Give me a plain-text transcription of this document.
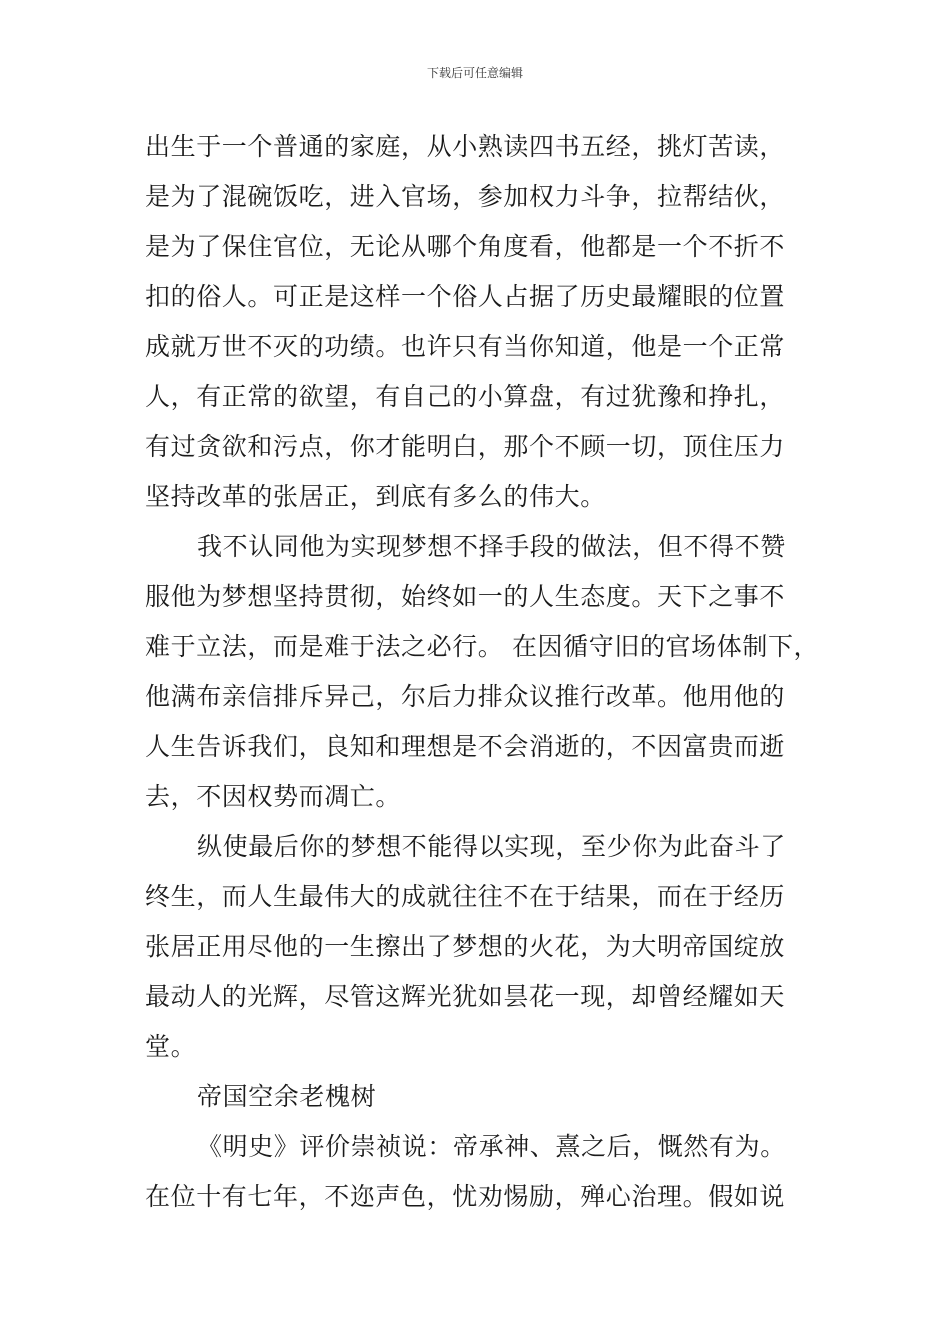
下载后可任意编辑
出生于一个普通的家庭，从小熟读四书五经，挑灯苦读，
是为了混碗饭吃，进入官场，参加权力斗争，拉帮结伙，
是为了保住官位，无论从哪个角度看，他都是一个不折不
扣的俗人。可正是这样一个俗人占据了历史最耀眼的位置
成就万世不灭的功绩。也许只有当你知道，他是一个正常
人，有正常的欲望，有自己的小算盘，有过犹豫和挣扎，
有过贪欲和污点，你才能明白，那个不顾一切，顶住压力
坚持改革的张居正，到底有多么的伟大。
我不认同他为实现梦想不择手段的做法，但不得不赞
服他为梦想坚持贯彻，始终如一的人生态度。天下之事不
难于立法，而是难于法之必行。 在因循守旧的官场体制下，
他满布亲信排斥异己，尔后力排众议推行改革。他用他的
人生告诉我们，良知和理想是不会消逝的，不因富贵而逝
去，不因权势而凋亡。
纵使最后你的梦想不能得以实现，至少你为此奋斗了
终生，而人生最伟大的成就往往不在于结果，而在于经历
张居正用尽他的一生擦出了梦想的火花，为大明帝国绽放
最动人的光辉，尽管这辉光犹如昙花一现，却曾经耀如天
堂。
帝国空余老槐树
《明史》评价崇祯说：帝承神、熹之后，慨然有为。
在位十有七年，不迩声色，忧劝惕励，殚心治理。假如说
